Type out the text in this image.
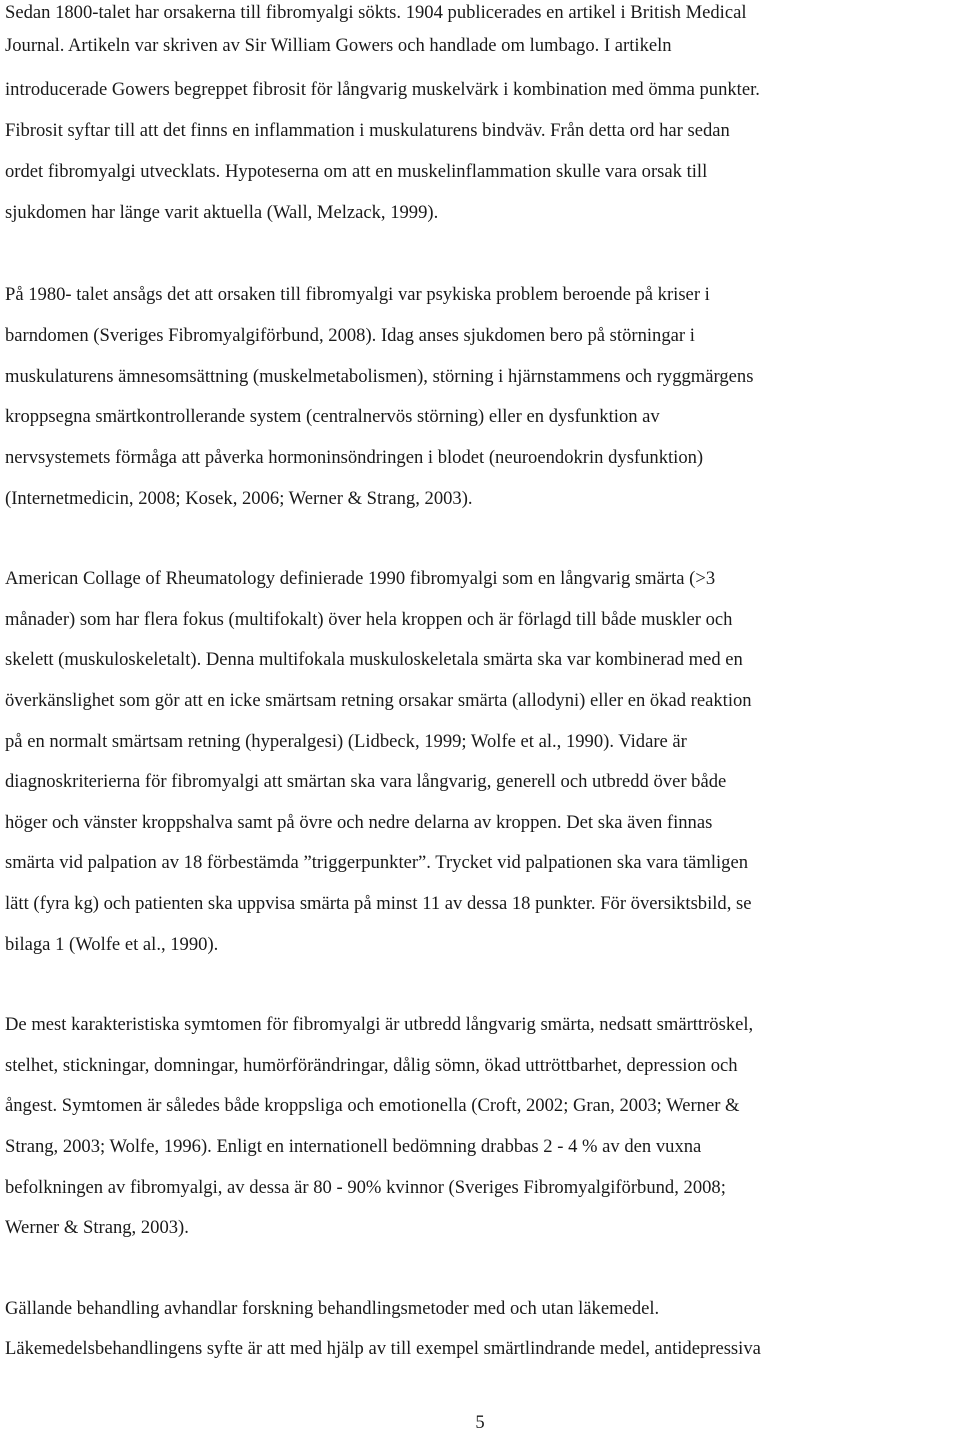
Sedan 1800-talet har orsakerna till fibromyalgi sökts. 1904 publicerades en artikel i British Medical
Journal. Artikeln var skriven av Sir William Gowers och handlade om lumbago. I artikeln
introducerade Gowers begreppet fibrosit för långvarig muskelvärk i kombination med ömma punkter.
Fibrosit syftar till att det finns en inflammation i muskulaturens bindväv. Från detta ord har sedan
ordet fibromyalgi utvecklats. Hypoteserna om att en muskelinflammation skulle vara orsak till
sjukdomen har länge varit aktuella (Wall, Melzack, 1999).
På 1980- talet ansågs det att orsaken till fibromyalgi var psykiska problem beroende på kriser i
barndomen (Sveriges Fibromyalgiförbund, 2008). Idag anses sjukdomen bero på störningar i
muskulaturens ämnesomsättning (muskelmetabolismen), störning i hjärnstammens och ryggmärgens
kroppsegna smärtkontrollerande system (centralnervös störning) eller en dysfunktion av
nervsystemets förmåga att påverka hormoninsöndringen i blodet (neuroendokrin dysfunktion)
(Internetmedicin, 2008; Kosek, 2006; Werner & Strang, 2003).
American Collage of Rheumatology definierade 1990 fibromyalgi som en långvarig smärta (>3
månader) som har flera fokus (multifokalt) över hela kroppen och är förlagd till både muskler och
skelett (muskuloskeletalt). Denna multifokala muskuloskeletala smärta ska var kombinerad med en
överkänslighet som gör att en icke smärtsam retning orsakar smärta (allodyni) eller en ökad reaktion
på en normalt smärtsam retning (hyperalgesi) (Lidbeck, 1999; Wolfe et al., 1990). Vidare är
diagnoskriterierna för fibromyalgi att smärtan ska vara långvarig, generell och utbredd över både
höger och vänster kroppshalva samt på övre och nedre delarna av kroppen. Det ska även finnas
smärta vid palpation av 18 förbestämda ”triggerpunkter”. Trycket vid palpationen ska vara tämligen
lätt (fyra kg) och patienten ska uppvisa smärta på minst 11 av dessa 18 punkter. För översiktsbild, se
bilaga 1 (Wolfe et al., 1990).
De mest karakteristiska symtomen för fibromyalgi är utbredd långvarig smärta, nedsatt smärttröskel,
stelhet, stickningar, domningar, humörförändringar, dålig sömn, ökad uttröttbarhet, depression och
ångest. Symtomen är således både kroppsliga och emotionella (Croft, 2002; Gran, 2003; Werner &
Strang, 2003; Wolfe, 1996). Enligt en internationell bedömning drabbas 2 - 4 % av den vuxna
befolkningen av fibromyalgi, av dessa är 80 - 90% kvinnor (Sveriges Fibromyalgiförbund, 2008;
Werner & Strang, 2003).
Gällande behandling avhandlar forskning behandlingsmetoder med och utan läkemedel.
Läkemedelsbehandlingens syfte är att med hjälp av till exempel smärtlindrande medel, antidepressiva
5
